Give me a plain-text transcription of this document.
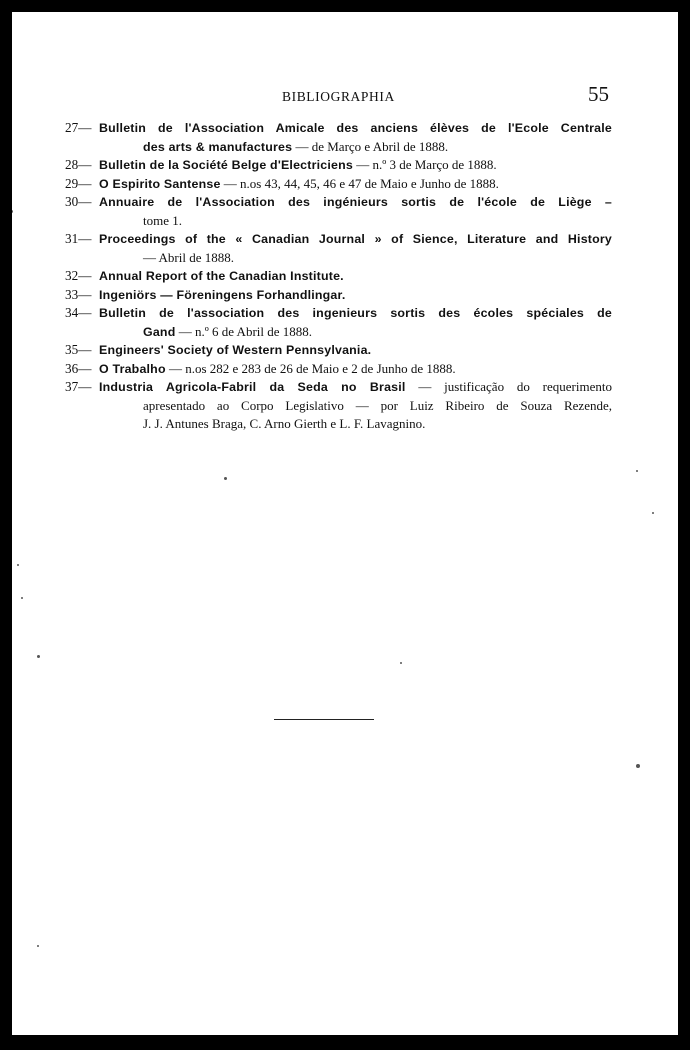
BIBLIOGRAPHIA	55
27— Bulletin de l'Association Amicale des anciens élèves de l'Ecole Centrale
des arts & manufactures — de Março e Abril de 1888.
28— Bulletin de la Société Belge d'Electriciens — n.º 3 de Março de 1888.
29— O Espirito Santense — n.os 43, 44, 45, 46 e 47 de Maio e Junho de 1888.
30— Annuaire de l'Association des ingénieurs sortis de l'école de Liège –
tome 1.
31— Proceedings of the « Canadian Journal » of Sience, Literature and History
— Abril de 1888.
32— Annual Report of the Canadian Institute.
33— Ingeniörs — Föreningens Forhandlingar.
34— Bulletin de l'association des ingenieurs sortis des écoles spéciales de
Gand — n.º 6 de Abril de 1888.
35— Engineers' Society of Western Pennsylvania.
36— O Trabalho — n.os 282 e 283 de 26 de Maio e 2 de Junho de 1888.
37— Industria Agricola-Fabril da Seda no Brasil — justificação do requerimento
apresentado ao Corpo Legislativo — por Luiz Ribeiro de Souza Rezende,
J. J. Antunes Braga, C. Arno Gierth e L. F. Lavagnino.
